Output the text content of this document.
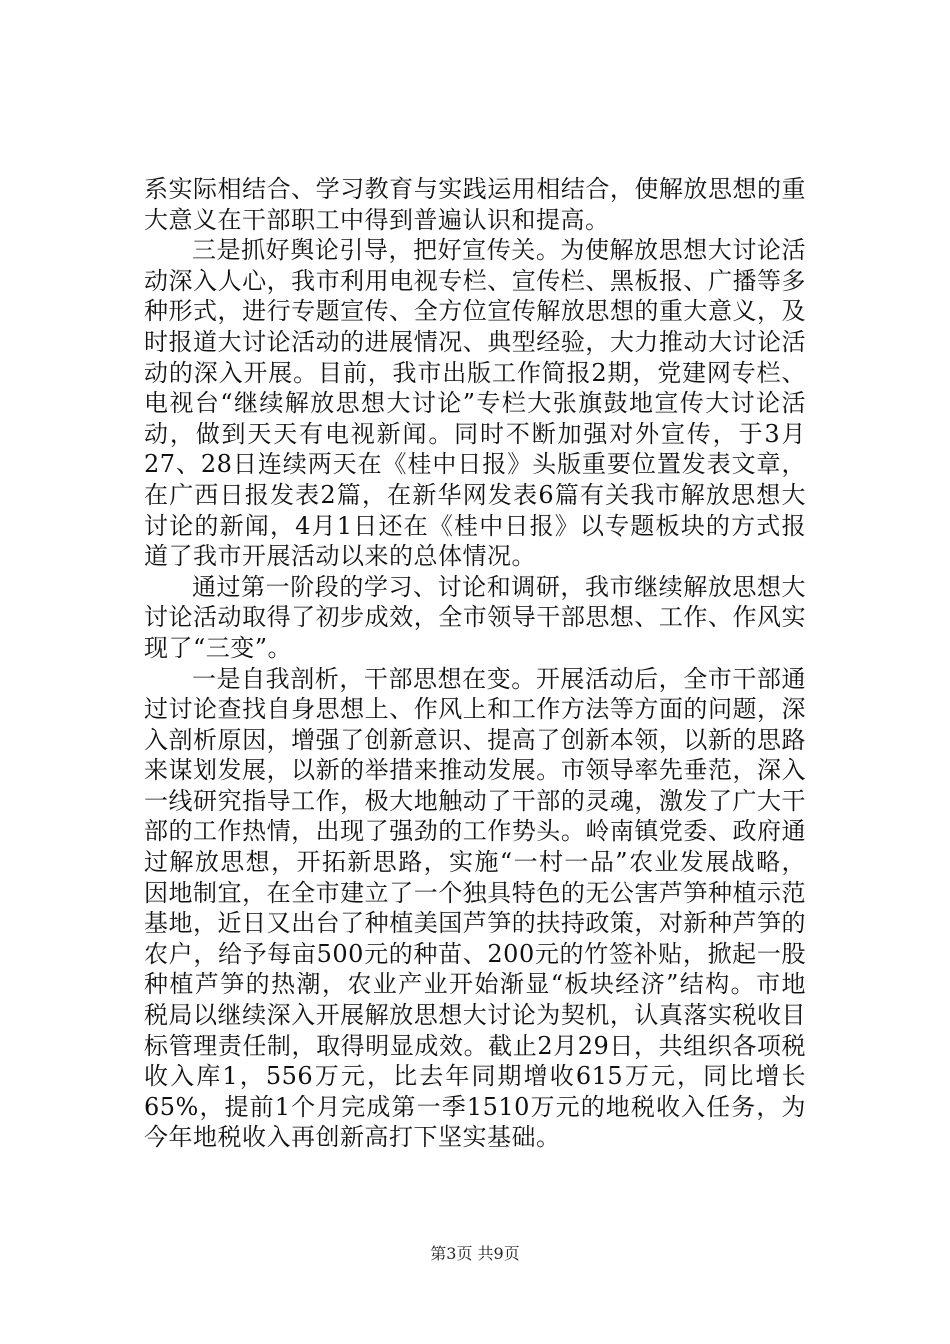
系实际相结合、学习教育与实践运用相结合，使解放思想的重大意义在干部职工中得到普遍认识和提高。

三是抓好舆论引导，把好宣传关。为使解放思想大讨论活动深入人心，我市利用电视专栏、宣传栏、黑板报、广播等多种形式，进行专题宣传、全方位宣传解放思想的重大意义，及时报道大讨论活动的进展情况、典型经验，大力推动大讨论活动的深入开展。目前，我市出版工作简报2期，党建网专栏、电视台“继续解放思想大讨论”专栏大张旗鼓地宣传大讨论活动，做到天天有电视新闻。同时不断加强对外宣传，于3月27、28日连续两天在《桂中日报》头版重要位置发表文章，在广西日报发表2篇，在新华网发表6篇有关我市解放思想大讨论的新闻，4月1日还在《桂中日报》以专题板块的方式报道了我市开展活动以来的总体情况。

通过第一阶段的学习、讨论和调研，我市继续解放思想大讨论活动取得了初步成效，全市领导干部思想、工作、作风实现了“三变”。

一是自我剖析，干部思想在变。开展活动后，全市干部通过讨论查找自身思想上、作风上和工作方法等方面的问题，深入剖析原因，增强了创新意识、提高了创新本领，以新的思路来谋划发展，以新的举措来推动发展。市领导率先垂范，深入一线研究指导工作，极大地触动了干部的灵魂，激发了广大干部的工作热情，出现了强劲的工作势头。岭南镇党委、政府通过解放思想，开拓新思路，实施“一村一品”农业发展战略，因地制宜，在全市建立了一个独具特色的无公害芦笋种植示范基地，近日又出台了种植美国芦笋的扶持政策，对新种芦笋的农户，给予每亩500元的种苗、200元的竹签补贴，掀起一股种植芦笋的热潮，农业产业开始渐显“板块经济”结构。市地税局以继续深入开展解放思想大讨论为契机，认真落实税收目标管理责任制，取得明显成效。截止2月29日，共组织各项税收入库1，556万元，比去年同期增收615万元，同比增长65%，提前1个月完成第一季1510万元的地税收入任务，为今年地税收入再创新高打下坚实基础。

第3页 共9页
